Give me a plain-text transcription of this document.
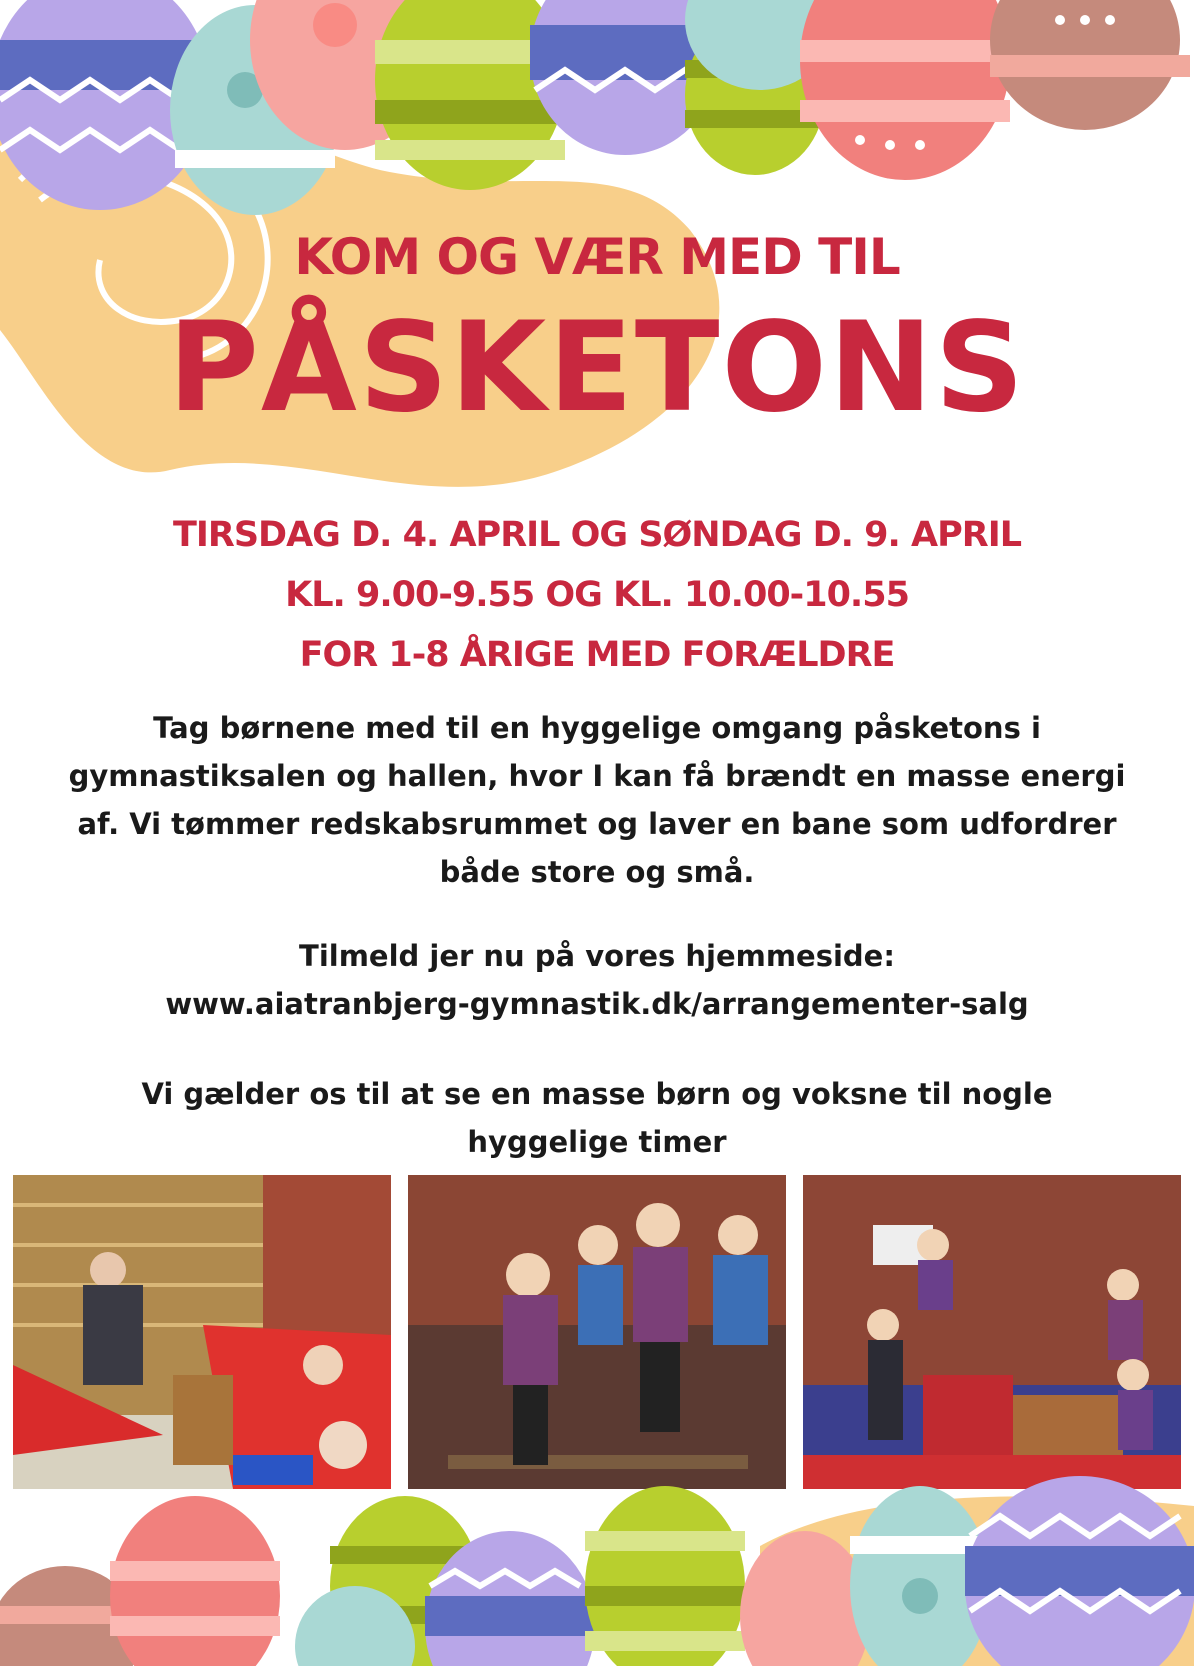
KOM OG VÆR MED TIL
PÅSKETONS
TIRSDAG D. 4. APRIL OG SØNDAG D. 9. APRIL
KL. 9.00-9.55 OG KL. 10.00-10.55
FOR 1-8 ÅRIGE MED FORÆLDRE

Tag børnene med til en hyggelige omgang påsketons i gymnastiksalen og hallen, hvor I kan få brændt en masse energi af. Vi tømmer redskabsrummet og laver en bane som udfordrer både store og små.

Tilmeld jer nu på vores hjemmeside:
www.aiatranbjerg-gymnastik.dk/arrangementer-salg

Vi gælder os til at se en masse børn og voksne til nogle hyggelige timer
